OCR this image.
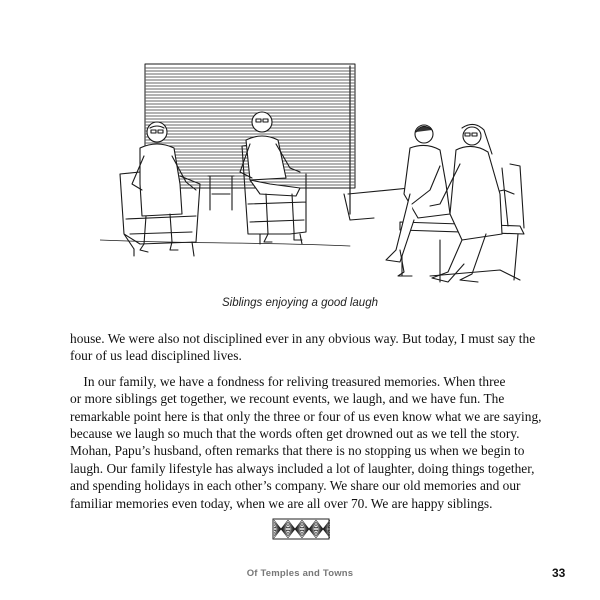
Siblings enjoying a good laugh

house. We were also not disciplined ever in any obvious way. But today, I must say the
four of us lead disciplined lives.

In our family, we have a fondness for reliving treasured memories. When three
or more siblings get together, we recount events, we laugh, and we have fun. The
remarkable point here is that only the three or four of us even know what we are saying,
because we laugh so much that the words often get drowned out as we tell the story.
Mohan, Papu’s husband, often remarks that there is no stopping us when we begin to
laugh. Our family lifestyle has always included a lot of laughter, doing things together,
and spending holidays in each other’s company. We share our old memories and our
familiar memories even today, when we are all over 70. We are happy siblings.

Of Temples and Towns	33
